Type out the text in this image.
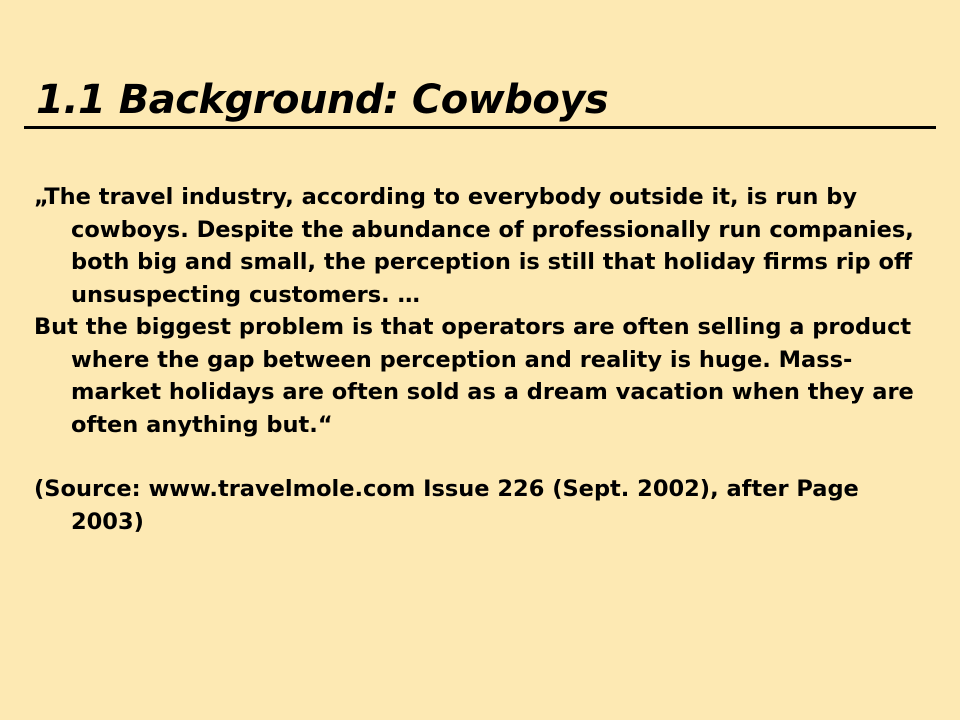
1.1 Background: Cowboys

„The travel industry, according to everybody outside it, is run by cowboys. Despite the abundance of professionally run companies, both big and small, the perception is still that holiday firms rip off unsuspecting customers. …

But the biggest problem is that operators are often selling a product where the gap between perception and reality is huge. Mass-market holidays are often sold as a dream vacation when they are often anything but.“

(Source: www.travelmole.com Issue 226 (Sept. 2002), after Page 2003)
